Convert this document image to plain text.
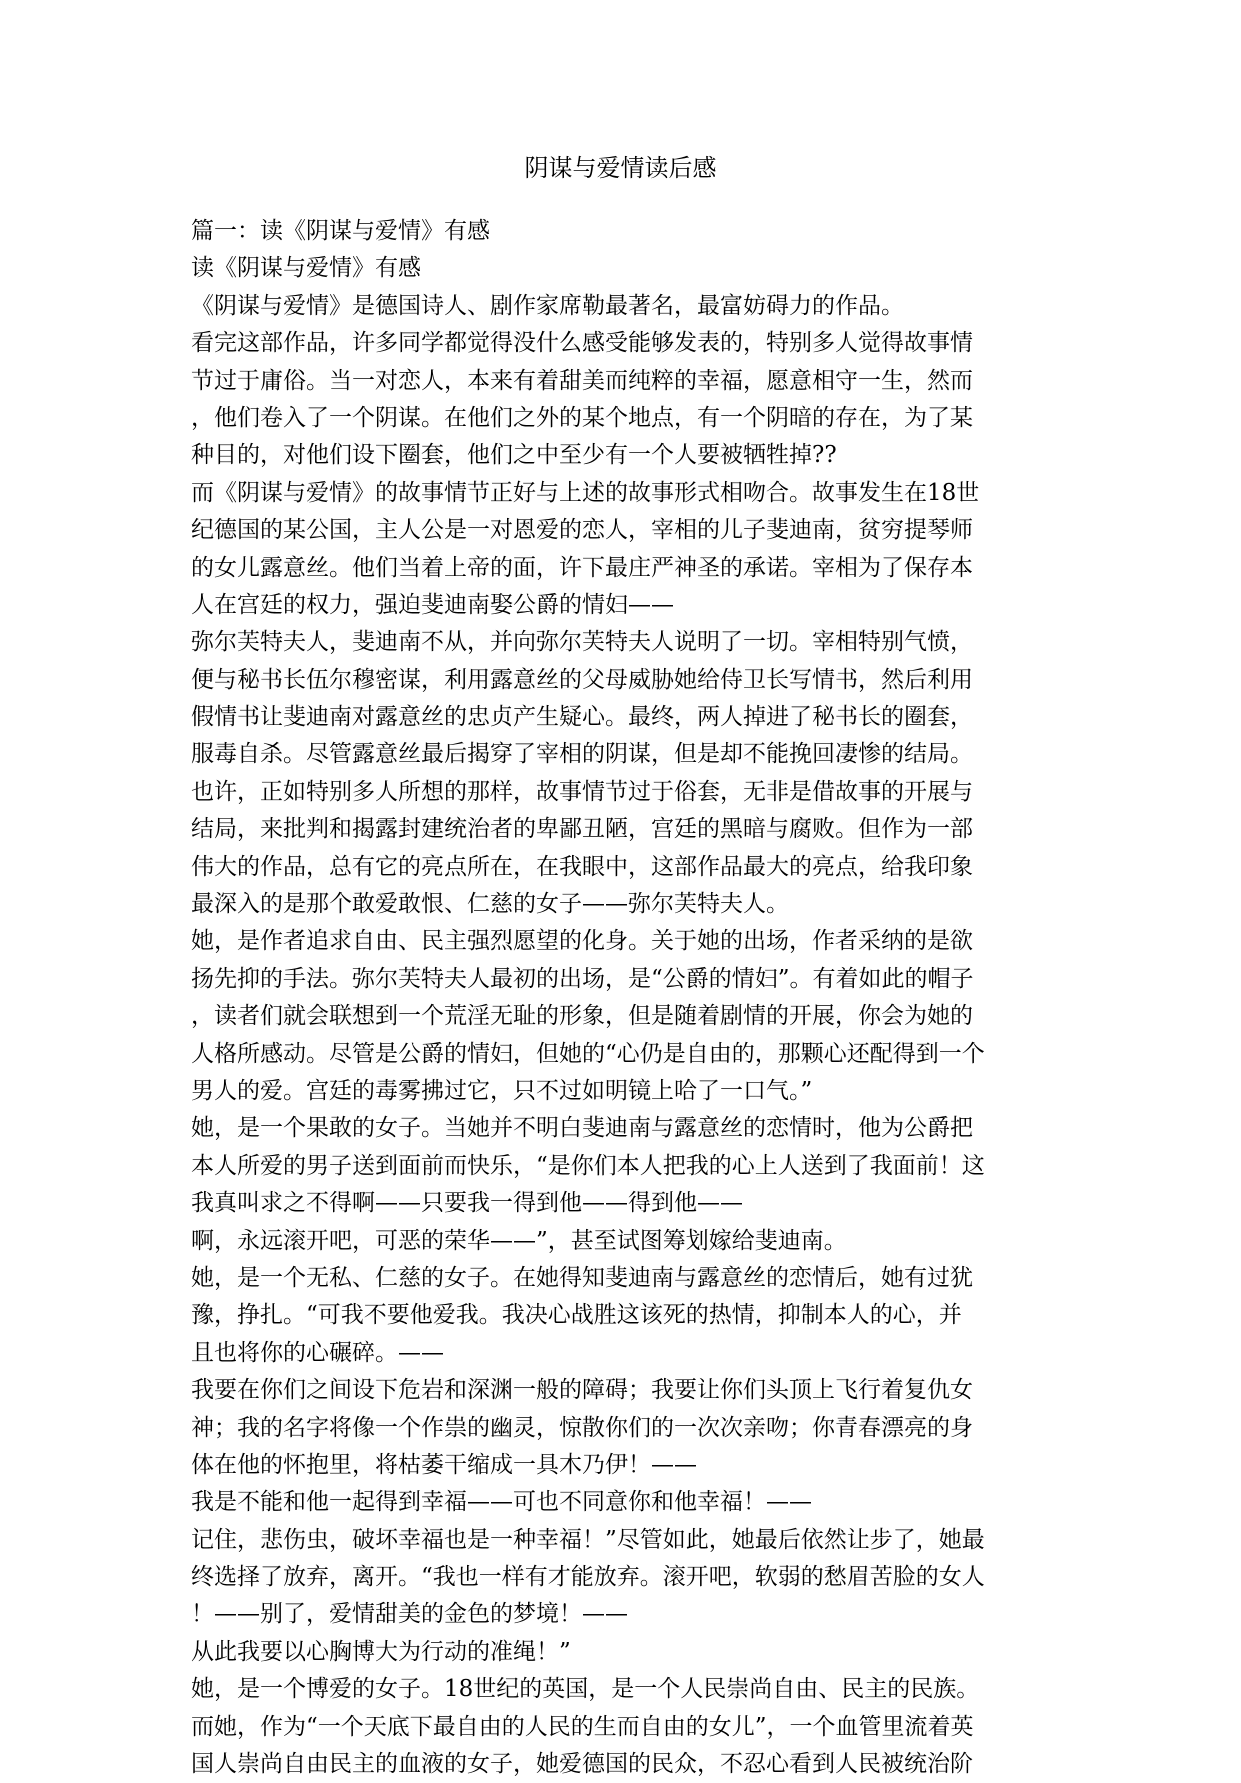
阴谋与爱情读后感
篇一：读《阴谋与爱情》有感
读《阴谋与爱情》有感
《阴谋与爱情》是德国诗人、剧作家席勒最著名，最富妨碍力的作品。
看完这部作品，许多同学都觉得没什么感受能够发表的，特别多人觉得故事情
节过于庸俗。当一对恋人，本来有着甜美而纯粹的幸福，愿意相守一生，然而
，他们卷入了一个阴谋。在他们之外的某个地点，有一个阴暗的存在，为了某
种目的，对他们设下圈套，他们之中至少有一个人要被牺牲掉??
而《阴谋与爱情》的故事情节正好与上述的故事形式相吻合。故事发生在18世
纪德国的某公国，主人公是一对恩爱的恋人，宰相的儿子斐迪南，贫穷提琴师
的女儿露意丝。他们当着上帝的面，许下最庄严神圣的承诺。宰相为了保存本
人在宫廷的权力，强迫斐迪南娶公爵的情妇——
弥尔芙特夫人，斐迪南不从，并向弥尔芙特夫人说明了一切。宰相特别气愤，
便与秘书长伍尔穆密谋，利用露意丝的父母威胁她给侍卫长写情书，然后利用
假情书让斐迪南对露意丝的忠贞产生疑心。最终，两人掉进了秘书长的圈套，
服毒自杀。尽管露意丝最后揭穿了宰相的阴谋，但是却不能挽回凄惨的结局。
也许，正如特别多人所想的那样，故事情节过于俗套，无非是借故事的开展与
结局，来批判和揭露封建统治者的卑鄙丑陋，宫廷的黑暗与腐败。但作为一部
伟大的作品，总有它的亮点所在，在我眼中，这部作品最大的亮点，给我印象
最深入的是那个敢爱敢恨、仁慈的女子——弥尔芙特夫人。
她，是作者追求自由、民主强烈愿望的化身。关于她的出场，作者采纳的是欲
扬先抑的手法。弥尔芙特夫人最初的出场，是“公爵的情妇”。有着如此的帽子
，读者们就会联想到一个荒淫无耻的形象，但是随着剧情的开展，你会为她的
人格所感动。尽管是公爵的情妇，但她的“心仍是自由的，那颗心还配得到一个
男人的爱。宫廷的毒雾拂过它，只不过如明镜上哈了一口气。”
她，是一个果敢的女子。当她并不明白斐迪南与露意丝的恋情时，他为公爵把
本人所爱的男子送到面前而快乐，“是你们本人把我的心上人送到了我面前！这
我真叫求之不得啊——只要我一得到他——得到他——
啊，永远滚开吧，可恶的荣华——”，甚至试图筹划嫁给斐迪南。
她，是一个无私、仁慈的女子。在她得知斐迪南与露意丝的恋情后，她有过犹
豫，挣扎。“可我不要他爱我。我决心战胜这该死的热情，抑制本人的心，并
且也将你的心碾碎。——
我要在你们之间设下危岩和深渊一般的障碍；我要让你们头顶上飞行着复仇女
神；我的名字将像一个作祟的幽灵，惊散你们的一次次亲吻；你青春漂亮的身
体在他的怀抱里，将枯萎干缩成一具木乃伊！——
我是不能和他一起得到幸福——可也不同意你和他幸福！——
记住，悲伤虫，破坏幸福也是一种幸福！”尽管如此，她最后依然让步了，她最
终选择了放弃，离开。“我也一样有才能放弃。滚开吧，软弱的愁眉苦脸的女人
！——别了，爱情甜美的金色的梦境！——
从此我要以心胸博大为行动的准绳！”
她，是一个博爱的女子。18世纪的英国，是一个人民崇尚自由、民主的民族。
而她，作为“一个天底下最自由的人民的生而自由的女儿”，一个血管里流着英
国人崇尚自由民主的血液的女子，她爱德国的民众，不忍心看到人民被统治阶
